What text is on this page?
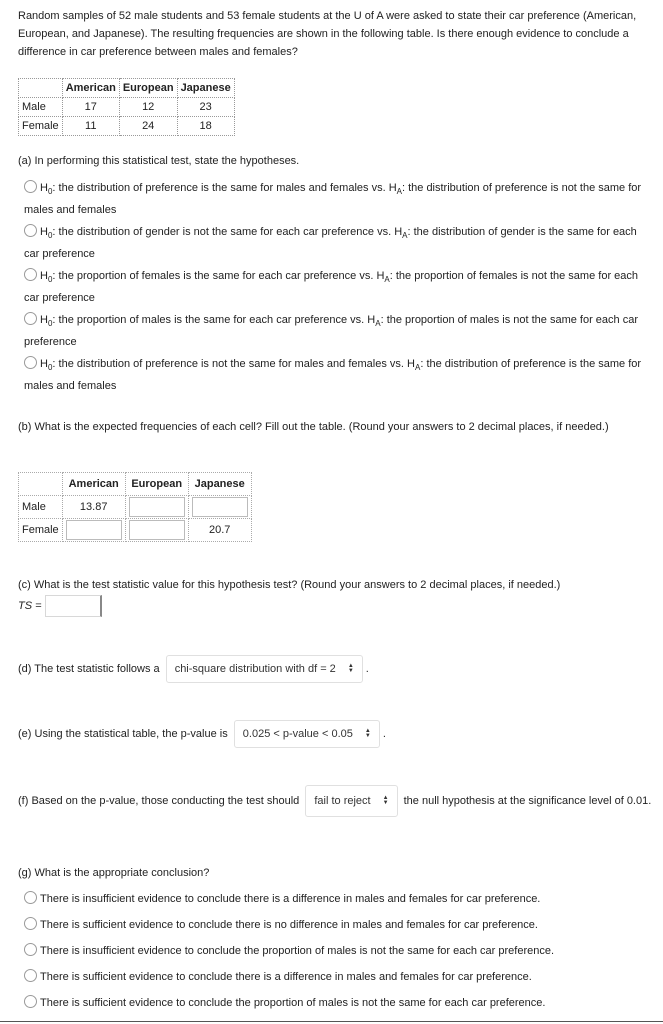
Random samples of 52 male students and 53 female students at the U of A were asked to state their car preference (American, European, and Japanese). The resulting frequencies are shown in the following table. Is there enough evidence to conclude a difference in car preference between males and females?

	American	European	Japanese
Male	17	12	23
Female	11	24	18

(a) In performing this statistical test, state the hypotheses.

$H_0$: the distribution of preference is the same for males and females vs. $H_A$: the distribution of preference is not the same for males and females
$H_0$: the distribution of gender is not the same for each car preference vs. $H_A$: the distribution of gender is the same for each car preference
$H_0$: the proportion of females is the same for each car preference vs. $H_A$: the proportion of females is not the same for each car preference
$H_0$: the proportion of males is the same for each car preference vs. $H_A$: the proportion of males is not the same for each car preference
$H_0$: the distribution of preference is not the same for males and females vs. $H_A$: the distribution of preference is the same for males and females

(b) What is the expected frequencies of each cell? Fill out the table. (Round your answers to 2 decimal places, if needed.)

	American	European	Japanese
Male	13.87		
Female			20.7

(c) What is the test statistic value for this hypothesis test? (Round your answers to 2 decimal places, if needed.)

TS =
(d) The test statistic follows a chi-square distribution with df = 2 ▲
▼ .
(e) Using the statistical table, the p-value is 0.025 < p-value < 0.05 ▲
▼ .
(f) Based on the p-value, those conducting the test should fail to reject ▲
▼ the null hypothesis at the significance level of 0.01.

(g) What is the appropriate conclusion?

There is insufficient evidence to conclude there is a difference in males and females for car preference.
There is sufficient evidence to conclude there is no difference in males and females for car preference.
There is insufficient evidence to conclude the proportion of males is not the same for each car preference.
There is sufficient evidence to conclude there is a difference in males and females for car preference.
There is sufficient evidence to conclude the proportion of males is not the same for each car preference.
